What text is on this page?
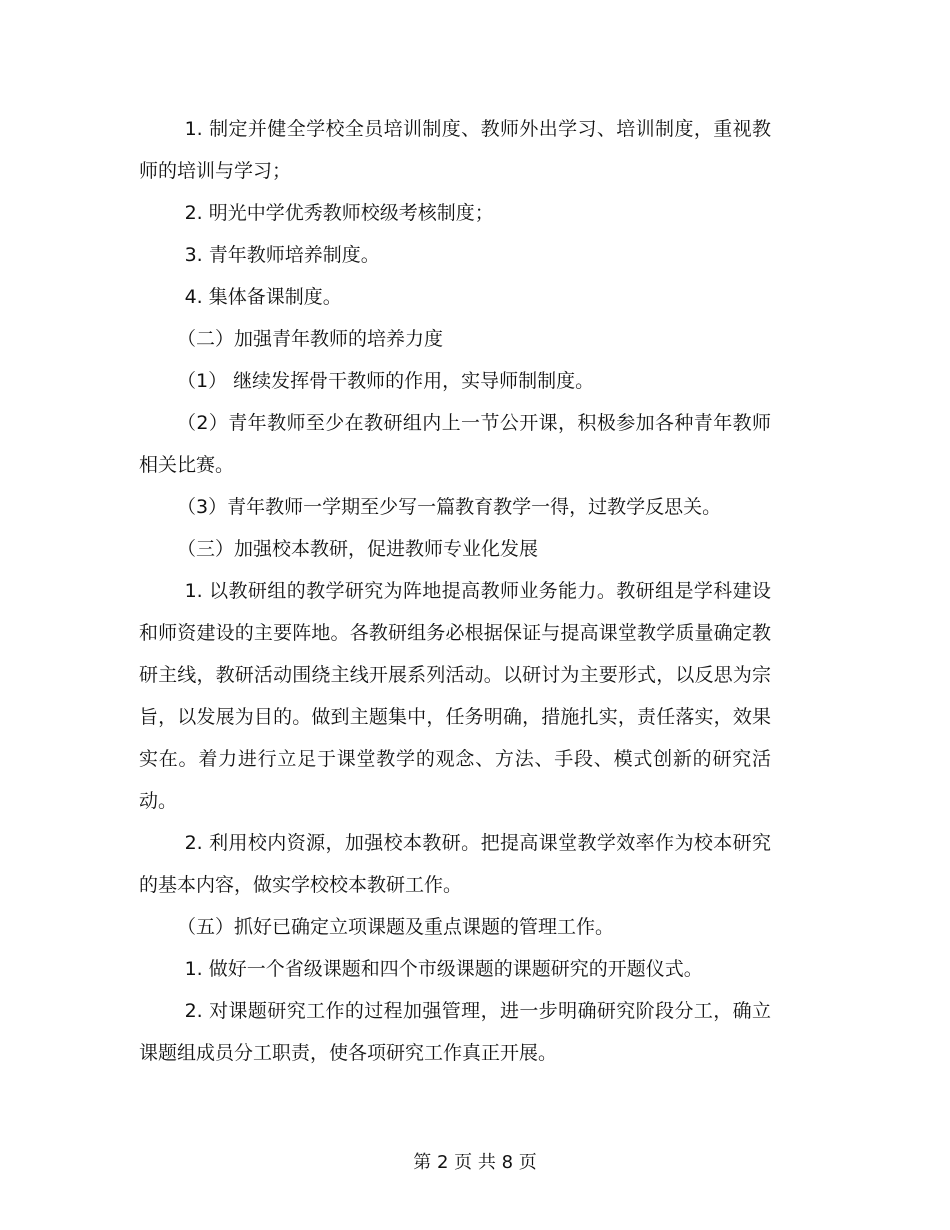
1. 制定并健全学校全员培训制度、教师外出学习、培训制度，重视教师的培训与学习；

2. 明光中学优秀教师校级考核制度；

3. 青年教师培养制度。

4. 集体备课制度。

（二）加强青年教师的培养力度

（1） 继续发挥骨干教师的作用，实导师制制度。

（2）青年教师至少在教研组内上一节公开课，积极参加各种青年教师相关比赛。

（3）青年教师一学期至少写一篇教育教学一得，过教学反思关。

（三）加强校本教研，促进教师专业化发展

1. 以教研组的教学研究为阵地提高教师业务能力。教研组是学科建设和师资建设的主要阵地。各教研组务必根据保证与提高课堂教学质量确定教研主线，教研活动围绕主线开展系列活动。以研讨为主要形式，以反思为宗旨，以发展为目的。做到主题集中，任务明确，措施扎实，责任落实，效果实在。着力进行立足于课堂教学的观念、方法、手段、模式创新的研究活动。

2. 利用校内资源，加强校本教研。把提高课堂教学效率作为校本研究的基本内容，做实学校校本教研工作。

（五）抓好已确定立项课题及重点课题的管理工作。

1. 做好一个省级课题和四个市级课题的课题研究的开题仪式。

2. 对课题研究工作的过程加强管理，进一步明确研究阶段分工，确立课题组成员分工职责，使各项研究工作真正开展。

第 2 页 共 8 页
